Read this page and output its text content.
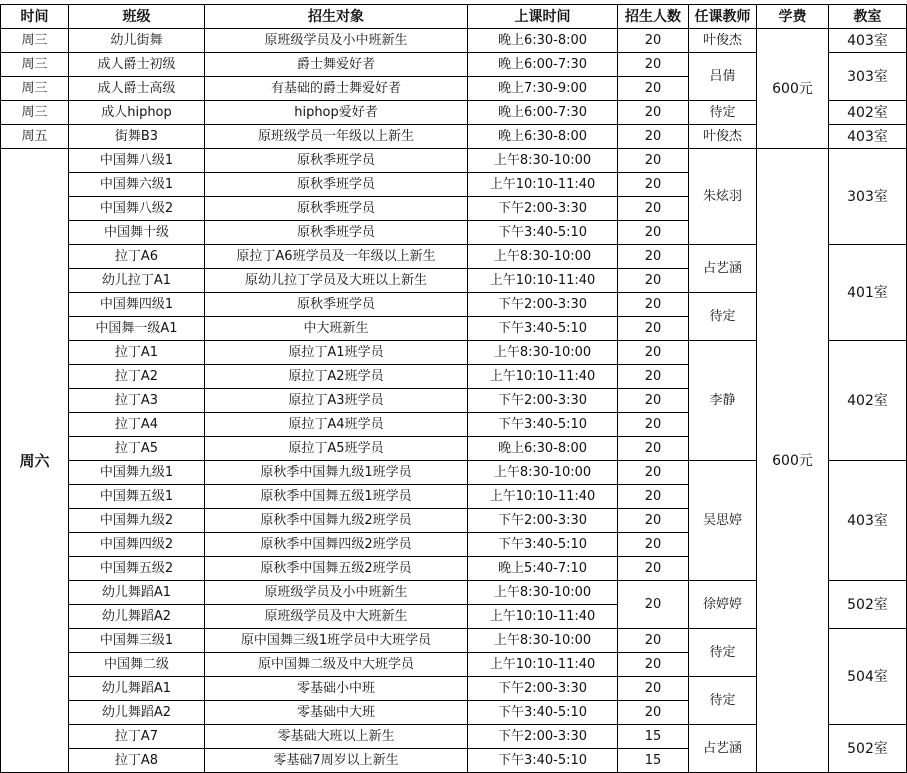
时间	班级	招生对象	上课时间	招生人数	任课教师	学费	教室
周三	幼儿街舞	原班级学员及小中班新生	晚上6:30-8:00	20	叶俊杰	600元	403室
周三	成人爵士初级	爵士舞爱好者	晚上6:00-7:30	20	吕倩		303室
周三	成人爵士高级	有基础的爵士舞爱好者	晚上7:30-9:00	20			
周三	成人hiphop	hiphop爱好者	晚上6:00-7:30	20	待定		402室
周五	街舞B3	原班级学员一年级以上新生	晚上6:30-8:00	20	叶俊杰		403室
周六	中国舞八级1	原秋季班学员	上午8:30-10:00	20	朱炫羽	600元	303室
	中国舞六级1	原秋季班学员	上午10:10-11:40	20			
	中国舞八级2	原秋季班学员	下午2:00-3:30	20			
	中国舞十级	原秋季班学员	下午3:40-5:10	20			
	拉丁A6	原拉丁A6班学员及一年级以上新生	上午8:30-10:00	20	占艺涵		401室
	幼儿拉丁A1	原幼儿拉丁学员及大班以上新生	上午10:10-11:40	20			
	中国舞四级1	原秋季班学员	下午2:00-3:30	20	待定		
	中国舞一级A1	中大班新生	下午3:40-5:10	20			
	拉丁A1	原拉丁A1班学员	上午8:30-10:00	20	李静		402室
	拉丁A2	原拉丁A2班学员	上午10:10-11:40	20			
	拉丁A3	原拉丁A3班学员	下午2:00-3:30	20			
	拉丁A4	原拉丁A4班学员	下午3:40-5:10	20			
	拉丁A5	原拉丁A5班学员	晚上6:30-8:00	20			
	中国舞九级1	原秋季中国舞九级1班学员	上午8:30-10:00	20	吴思婷		403室
	中国舞五级1	原秋季中国舞五级1班学员	上午10:10-11:40	20			
	中国舞九级2	原秋季中国舞九级2班学员	下午2:00-3:30	20			
	中国舞四级2	原秋季中国舞四级2班学员	下午3:40-5:10	20			
	中国舞五级2	原秋季中国舞五级2班学员	晚上5:40-7:10	20			
	幼儿舞蹈A1	原班级学员及小中班新生	上午8:30-10:00	20	徐婷婷		502室
	幼儿舞蹈A2	原班级学员及中大班新生	上午10:10-11:40				
	中国舞三级1	原中国舞三级1班学员中大班学员	上午8:30-10:00	20	待定		504室
	中国舞二级	原中国舞二级及中大班学员	上午10:10-11:40	20			
	幼儿舞蹈A1	零基础小中班	下午2:00-3:30	20	待定		
	幼儿舞蹈A2	零基础中大班	下午3:40-5:10	20			
	拉丁A7	零基础大班以上新生	下午2:00-3:30	15	占艺涵		502室
	拉丁A8	零基础7周岁以上新生	下午3:40-5:10	15			
